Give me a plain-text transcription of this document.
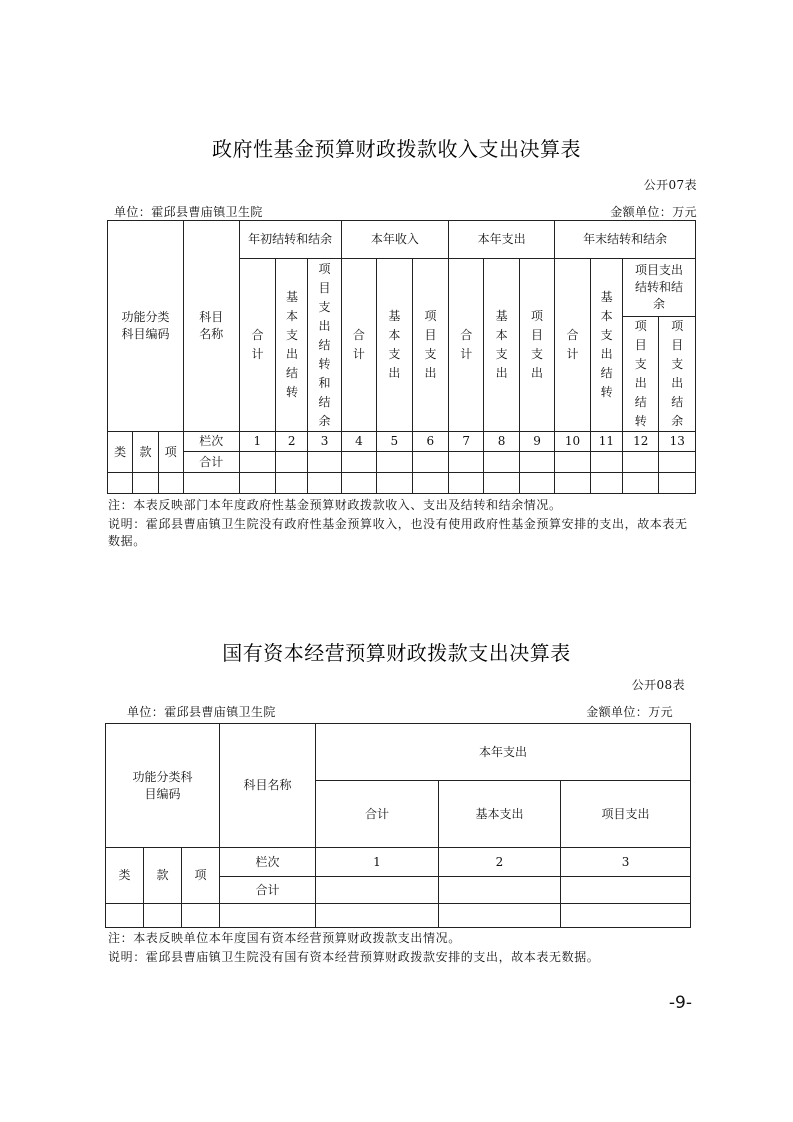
政府性基金预算财政拨款收入支出决算表
公开07表
单位：霍邱县曹庙镇卫生院	金额单位：万元
功能分类科目编码			科目名称	年初结转和结余			本年收入			本年支出			年末结转和结余			
				合计	基本支出结转	项目支出结转和结余	合计	基本支出	项目支出	合计	基本支出	项目支出	合计	基本支出结转	项目支出结转和结余	
															项目支出结转	项目支出结余
类	款	项	栏次	1	2	3	4	5	6	7	8	9	10	11	12	13
			合计													

注：本表反映部门本年度政府性基金预算财政拨款收入、支出及结转和结余情况。
说明：霍邱县曹庙镇卫生院没有政府性基金预算收入，也没有使用政府性基金预算安排的支出，故本表无数据。
国有资本经营预算财政拨款支出决算表
公开08表
单位：霍邱县曹庙镇卫生院	金额单位：万元
功能分类科目编码			科目名称	本年支出		
				合计	基本支出	项目支出
类	款	项	栏次	1	2	3
			合计			

注：本表反映单位本年度国有资本经营预算财政拨款支出情况。
说明：霍邱县曹庙镇卫生院没有国有资本经营预算财政拨款安排的支出，故本表无数据。
-9-
